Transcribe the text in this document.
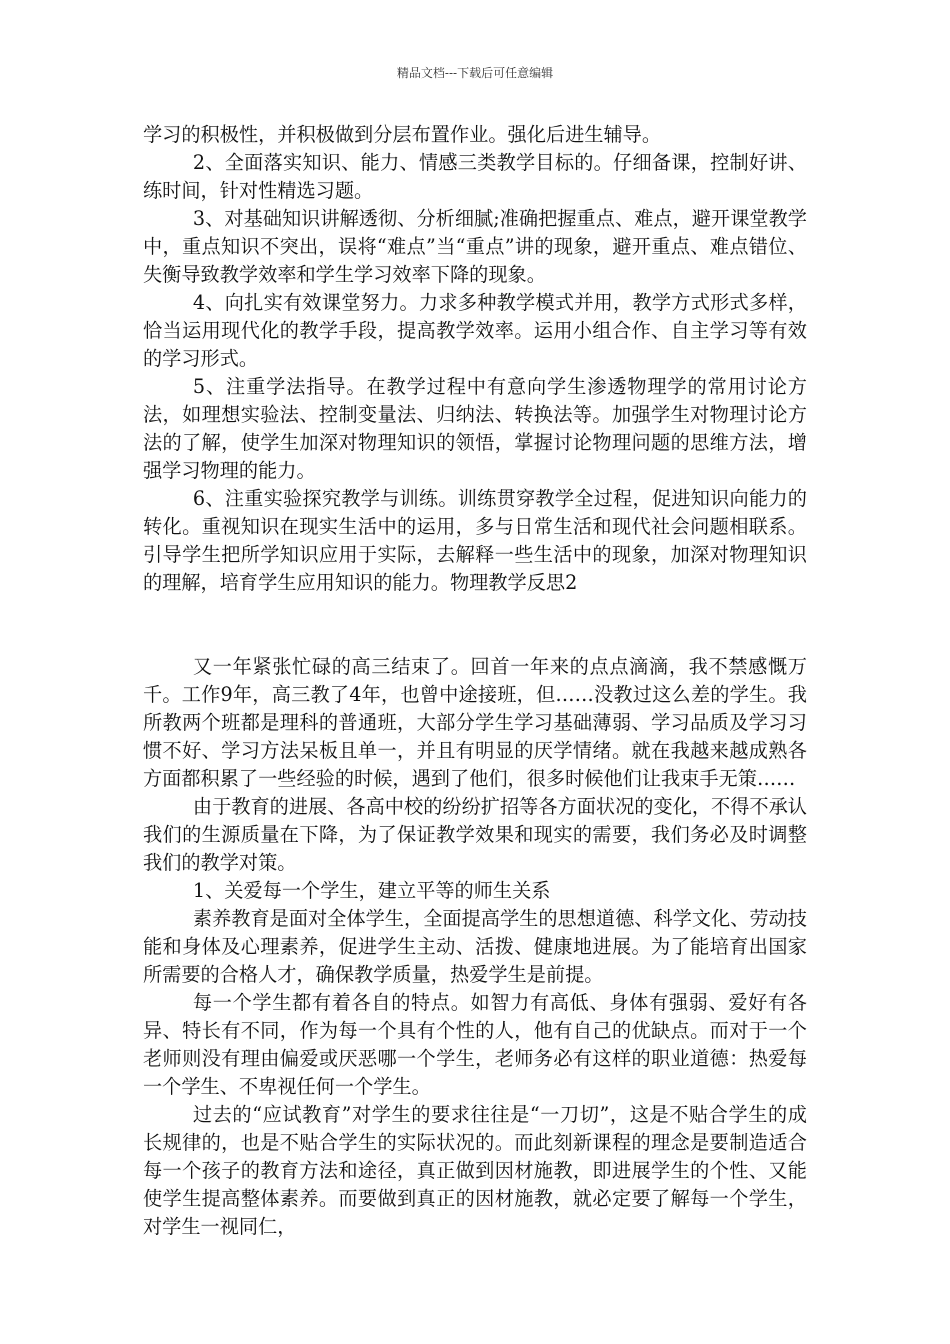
精品文档---下载后可任意编辑

学习的积极性，并积极做到分层布置作业。强化后进生辅导。

2、全面落实知识、能力、情感三类教学目标的。仔细备课，控制好讲、练时间，针对性精选习题。

3、对基础知识讲解透彻、分析细腻;准确把握重点、难点，避开课堂教学中，重点知识不突出，误将“难点”当“重点”讲的现象，避开重点、难点错位、失衡导致教学效率和学生学习效率下降的现象。

4、向扎实有效课堂努力。力求多种教学模式并用，教学方式形式多样，恰当运用现代化的教学手段，提高教学效率。运用小组合作、自主学习等有效的学习形式。

5、注重学法指导。在教学过程中有意向学生渗透物理学的常用讨论方法，如理想实验法、控制变量法、归纳法、转换法等。加强学生对物理讨论方法的了解，使学生加深对物理知识的领悟，掌握讨论物理问题的思维方法，增强学习物理的能力。

6、注重实验探究教学与训练。训练贯穿教学全过程，促进知识向能力的转化。重视知识在现实生活中的运用，多与日常生活和现代社会问题相联系。引导学生把所学知识应用于实际，去解释一些生活中的现象，加深对物理知识的理解，培育学生应用知识的能力。物理教学反思2

又一年紧张忙碌的高三结束了。回首一年来的点点滴滴，我不禁感慨万千。工作9年，高三教了4年，也曾中途接班，但……没教过这么差的学生。我所教两个班都是理科的普通班，大部分学生学习基础薄弱、学习品质及学习习惯不好、学习方法呆板且单一，并且有明显的厌学情绪。就在我越来越成熟各方面都积累了一些经验的时候，遇到了他们，很多时候他们让我束手无策……

由于教育的进展、各高中校的纷纷扩招等各方面状况的变化，不得不承认我们的生源质量在下降，为了保证教学效果和现实的需要，我们务必及时调整我们的教学对策。

1、关爱每一个学生，建立平等的师生关系

素养教育是面对全体学生，全面提高学生的思想道德、科学文化、劳动技能和身体及心理素养，促进学生主动、活拨、健康地进展。为了能培育出国家所需要的合格人才，确保教学质量，热爱学生是前提。

每一个学生都有着各自的特点。如智力有高低、身体有强弱、爱好有各异、特长有不同，作为每一个具有个性的人，他有自己的优缺点。而对于一个老师则没有理由偏爱或厌恶哪一个学生，老师务必有这样的职业道德：热爱每一个学生、不卑视任何一个学生。

过去的“应试教育”对学生的要求往往是“一刀切”，这是不贴合学生的成长规律的，也是不贴合学生的实际状况的。而此刻新课程的理念是要制造适合每一个孩子的教育方法和途径，真正做到因材施教，即进展学生的个性、又能使学生提高整体素养。而要做到真正的因材施教，就必定要了解每一个学生，对学生一视同仁，
